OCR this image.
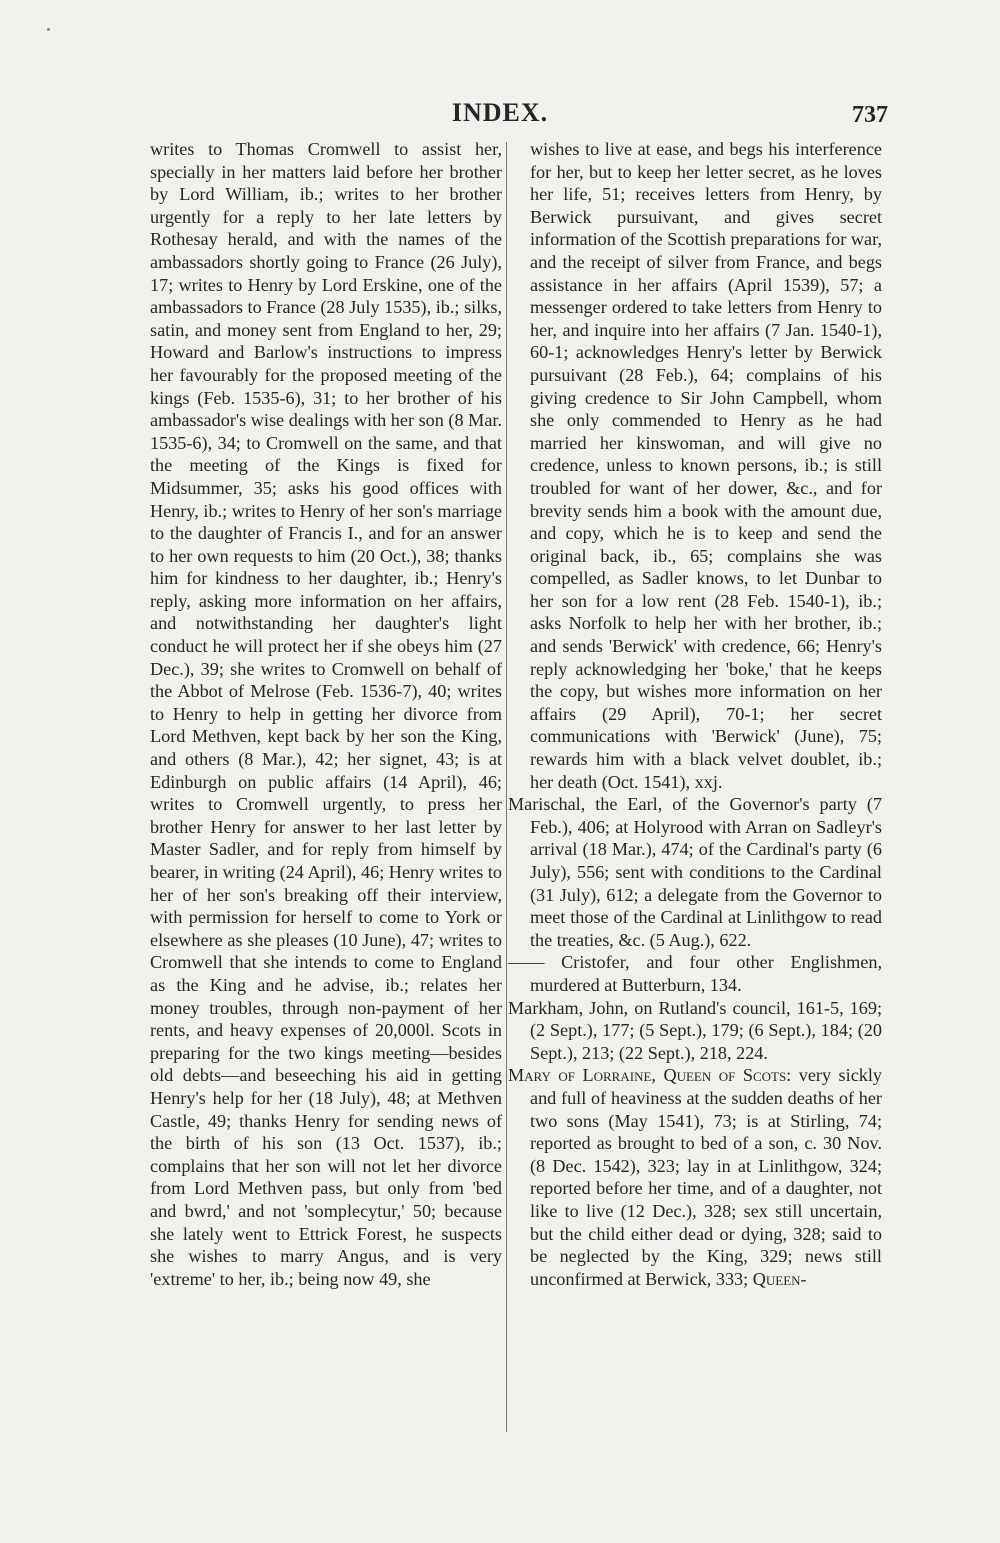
INDEX.	737

writes to Thomas Cromwell to assist her, specially in her matters laid before her brother by Lord William, ib.; writes to her brother urgently for a reply to her late letters by Rothesay herald, and with the names of the ambassadors shortly going to France (26 July), 17; writes to Henry by Lord Erskine, one of the ambassadors to France (28 July 1535), ib.; silks, satin, and money sent from England to her, 29; Howard and Barlow's instructions to impress her favourably for the proposed meeting of the kings (Feb. 1535-6), 31; to her brother of his ambassador's wise dealings with her son (8 Mar. 1535-6), 34; to Cromwell on the same, and that the meeting of the Kings is fixed for Midsummer, 35; asks his good offices with Henry, ib.; writes to Henry of her son's marriage to the daughter of Francis I., and for an answer to her own requests to him (20 Oct.), 38; thanks him for kindness to her daughter, ib.; Henry's reply, asking more information on her affairs, and notwithstanding her daughter's light conduct he will protect her if she obeys him (27 Dec.), 39; she writes to Cromwell on behalf of the Abbot of Melrose (Feb. 1536-7), 40; writes to Henry to help in getting her divorce from Lord Methven, kept back by her son the King, and others (8 Mar.), 42; her signet, 43; is at Edinburgh on public affairs (14 April), 46; writes to Cromwell urgently, to press her brother Henry for answer to her last letter by Master Sadler, and for reply from himself by bearer, in writing (24 April), 46; Henry writes to her of her son's breaking off their interview, with permission for herself to come to York or elsewhere as she pleases (10 June), 47; writes to Cromwell that she intends to come to England as the King and he advise, ib.; relates her money troubles, through non-payment of her rents, and heavy expenses of 20,000l. Scots in preparing for the two kings meeting—besides old debts—and beseeching his aid in getting Henry's help for her (18 July), 48; at Methven Castle, 49; thanks Henry for sending news of the birth of his son (13 Oct. 1537), ib.; complains that her son will not let her divorce from Lord Methven pass, but only from 'bed and bwrd,' and not 'somplecytur,' 50; because she lately went to Ettrick Forest, he suspects she wishes to marry Angus, and is very 'extreme' to her, ib.; being now 49, she

wishes to live at ease, and begs his interference for her, but to keep her letter secret, as he loves her life, 51; receives letters from Henry, by Berwick pursuivant, and gives secret information of the Scottish preparations for war, and the receipt of silver from France, and begs assistance in her affairs (April 1539), 57; a messenger ordered to take letters from Henry to her, and inquire into her affairs (7 Jan. 1540-1), 60-1; acknowledges Henry's letter by Berwick pursuivant (28 Feb.), 64; complains of his giving credence to Sir John Campbell, whom she only commended to Henry as he had married her kinswoman, and will give no credence, unless to known persons, ib.; is still troubled for want of her dower, &c., and for brevity sends him a book with the amount due, and copy, which he is to keep and send the original back, ib., 65; complains she was compelled, as Sadler knows, to let Dunbar to her son for a low rent (28 Feb. 1540-1), ib.; asks Norfolk to help her with her brother, ib.; and sends 'Berwick' with credence, 66; Henry's reply acknowledging her 'boke,' that he keeps the copy, but wishes more information on her affairs (29 April), 70-1; her secret communications with 'Berwick' (June), 75; rewards him with a black velvet doublet, ib.; her death (Oct. 1541), xxj.

Marischal, the Earl, of the Governor's party (7 Feb.), 406; at Holyrood with Arran on Sadleyr's arrival (18 Mar.), 474; of the Cardinal's party (6 July), 556; sent with conditions to the Cardinal (31 July), 612; a delegate from the Governor to meet those of the Cardinal at Linlithgow to read the treaties, &c. (5 Aug.), 622.

—— Cristofer, and four other Englishmen, murdered at Butterburn, 134.

Markham, John, on Rutland's council, 161-5, 169; (2 Sept.), 177; (5 Sept.), 179; (6 Sept.), 184; (20 Sept.), 213; (22 Sept.), 218, 224.

Mary of Lorraine, Queen of Scots: very sickly and full of heaviness at the sudden deaths of her two sons (May 1541), 73; is at Stirling, 74; reported as brought to bed of a son, c. 30 Nov. (8 Dec. 1542), 323; lay in at Linlithgow, 324; reported before her time, and of a daughter, not like to live (12 Dec.), 328; sex still uncertain, but the child either dead or dying, 328; said to be neglected by the King, 329; news still unconfirmed at Berwick, 333; Queen-
